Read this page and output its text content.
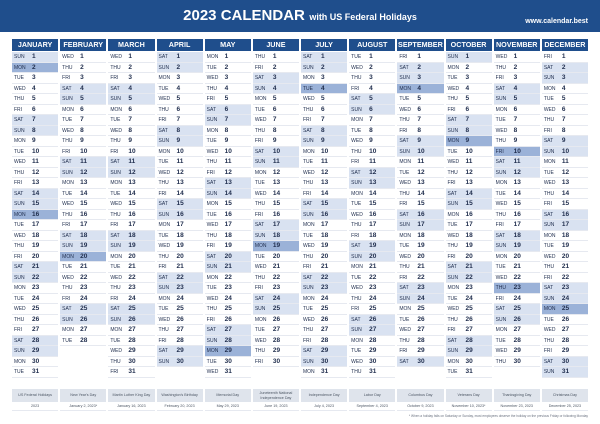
2023 CALENDAR with US Federal Holidays	www.calendar.best
JANUARY
SUN 1
MON 2
TUE 3
WED 4
THU 5
FRI 6
SAT 7
SUN 8
MON 9
TUE 10
WED 11
THU 12
FRI 13
SAT 14
SUN 15
MON 16
TUE 17
WED 18
THU 19
FRI 20
SAT 21
SUN 22
MON 23
TUE 24
WED 25
THU 26
FRI 27
SAT 28
SUN 29
MON 30
TUE 31
FEBRUARY
WED 1
THU 2
FRI 3
SAT 4
SUN 5
MON 6
TUE 7
WED 8
THU 9
FRI 10
SAT 11
SUN 12
MON 13
TUE 14
WED 15
THU 16
FRI 17
SAT 18
SUN 19
MON 20
TUE 21
WED 22
THU 23
FRI 24
SAT 25
SUN 26
MON 27
TUE 28
MARCH
WED 1
THU 2
FRI 3
SAT 4
SUN 5
MON 6
TUE 7
WED 8
THU 9
FRI 10
SAT 11
SUN 12
MON 13
TUE 14
WED 15
THU 16
FRI 17
SAT 18
SUN 19
MON 20
TUE 21
WED 22
THU 23
FRI 24
SAT 25
SUN 26
MON 27
TUE 28
WED 29
THU 30
FRI 31
APRIL
SAT 1
SUN 2
MON 3
TUE 4
WED 5
THU 6
FRI 7
SAT 8
SUN 9
MON 10
TUE 11
WED 12
THU 13
FRI 14
SAT 15
SUN 16
MON 17
TUE 18
WED 19
THU 20
FRI 21
SAT 22
SUN 23
MON 24
TUE 25
WED 26
THU 27
FRI 28
SAT 29
SUN 30
MAY
MON 1
TUE 2
WED 3
THU 4
FRI 5
SAT 6
SUN 7
MON 8
TUE 9
WED 10
THU 11
FRI 12
SAT 13
SUN 14
MON 15
TUE 16
WED 17
THU 18
FRI 19
SAT 20
SUN 21
MON 22
TUE 23
WED 24
THU 25
FRI 26
SAT 27
SUN 28
MON 29
TUE 30
WED 31
JUNE
THU 1
FRI 2
SAT 3
SUN 4
MON 5
TUE 6
WED 7
THU 8
FRI 9
SAT 10
SUN 11
MON 12
TUE 13
WED 14
THU 15
FRI 16
SAT 17
SUN 18
MON 19
TUE 20
WED 21
THU 22
FRI 23
SAT 24
SUN 25
MON 26
TUE 27
WED 28
THU 29
FRI 30
JULY
SAT 1
SUN 2
MON 3
TUE 4
WED 5
THU 6
FRI 7
SAT 8
SUN 9
MON 10
TUE 11
WED 12
THU 13
FRI 14
SAT 15
SUN 16
MON 17
TUE 18
WED 19
THU 20
FRI 21
SAT 22
SUN 23
MON 24
TUE 25
WED 26
THU 27
FRI 28
SAT 29
SUN 30
MON 31
AUGUST
TUE 1
WED 2
THU 3
FRI 4
SAT 5
SUN 6
MON 7
TUE 8
WED 9
THU 10
FRI 11
SAT 12
SUN 13
MON 14
TUE 15
WED 16
THU 17
FRI 18
SAT 19
SUN 20
MON 21
TUE 22
WED 23
THU 24
FRI 25
SAT 26
SUN 27
MON 28
TUE 29
WED 30
THU 31
SEPTEMBER
FRI 1
SAT 2
SUN 3
MON 4
TUE 5
WED 6
THU 7
FRI 8
SAT 9
SUN 10
MON 11
TUE 12
WED 13
THU 14
FRI 15
SAT 16
SUN 17
MON 18
TUE 19
WED 20
THU 21
FRI 22
SAT 23
SUN 24
MON 25
TUE 26
WED 27
THU 28
FRI 29
SAT 30
OCTOBER
SUN 1
MON 2
TUE 3
WED 4
THU 5
FRI 6
SAT 7
SUN 8
MON 9
TUE 10
WED 11
THU 12
FRI 13
SAT 14
SUN 15
MON 16
TUE 17
WED 18
THU 19
FRI 20
SAT 21
SUN 22
MON 23
TUE 24
WED 25
THU 26
FRI 27
SAT 28
SUN 29
MON 30
TUE 31
NOVEMBER
WED 1
THU 2
FRI 3
SAT 4
SUN 5
MON 6
TUE 7
WED 8
THU 9
FRI 10
SAT 11
SUN 12
MON 13
TUE 14
WED 15
THU 16
FRI 17
SAT 18
SUN 19
MON 20
TUE 21
WED 22
THU 23
FRI 24
SAT 25
SUN 26
MON 27
TUE 28
WED 29
THU 30
DECEMBER
FRI 1
SAT 2
SUN 3
MON 4
TUE 5
WED 6
THU 7
FRI 8
SAT 9
SUN 10
MON 11
TUE 12
WED 13
THU 14
FRI 15
SAT 16
SUN 17
MON 18
TUE 19
WED 20
THU 21
FRI 22
SAT 23
SUN 24
MON 25
TUE 26
WED 27
THU 28
FRI 29
SAT 30
SUN 31
US Federal Holidays
2023
New Year's Day
January 2, 2023*
Martin Luther King Day
January 16, 2023
Washington's Birthday
February 20, 2023
Memorial Day
May 29, 2023
Juneteenth National Independence Day
June 19, 2023
Independence Day
July 4, 2023
Labor Day
September 4, 2023
Columbus Day
October 9, 2023
Veterans Day
November 10, 2023*
Thanksgiving Day
November 23, 2023
Christmas Day
December 25, 2023
* When a holiday falls on Saturday or Sunday, most employees observe the holiday on the previous Friday or following Monday
